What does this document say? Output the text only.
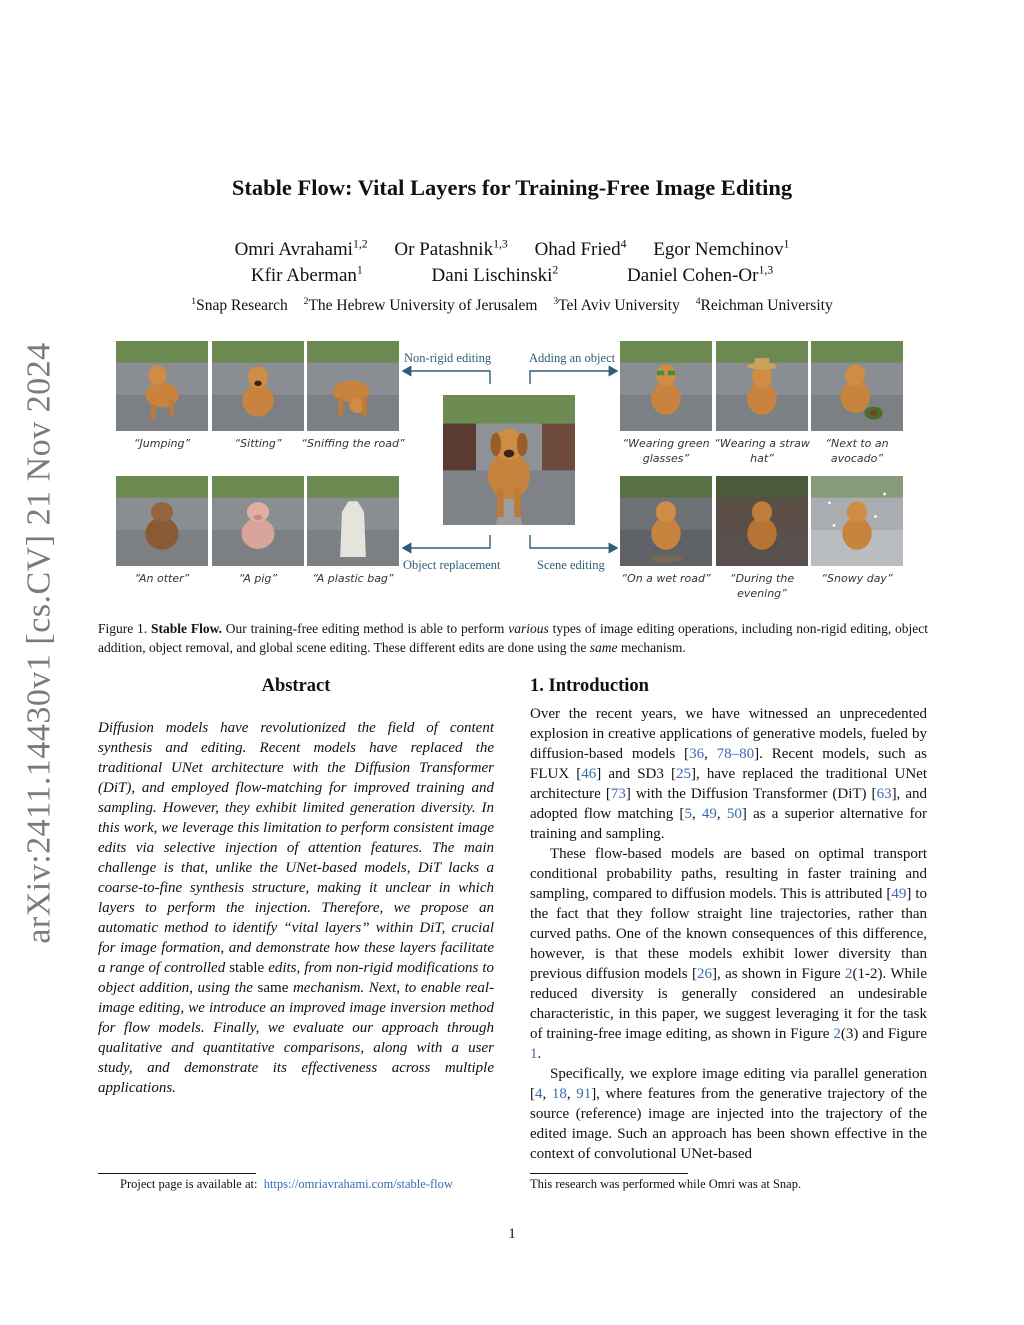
arXiv:2411.14430v1 [cs.CV] 21 Nov 2024
Stable Flow: Vital Layers for Training-Free Image Editing
Omri Avrahami$^{1,2}$ Or Patashnik$^{1,3}$ Ohad Fried$^4$ Egor Nemchinov$^1$
Kfir Aberman$^1$	Dani Lischinski$^2$	Daniel Cohen-Or$^{1,3}$
$^1$Snap Research $^2$The Hebrew University of Jerusalem $^3$Tel Aviv University $^4$Reichman University
Non-rigid editing	Adding an object
Object replacement	Scene editing
“Jumping”	“Sitting”	“Sniffing the road”	“Wearing green glasses”
“Wearing a straw hat”
“Next to an avocado”
“An otter”	“A pig”	“A plastic bag”	“On a wet road”	“During the evening”
“Snowy day”
Figure 1. Stable Flow. Our training-free editing method is able to perform various types of image editing operations, including non-rigid editing, object addition, object removal, and global scene editing. These different edits are done using the same mechanism.
Abstract
Diffusion models have revolutionized the field of content synthesis and editing. Recent models have replaced the traditional UNet architecture with the Diffusion Transformer (DiT), and employed flow-matching for improved training and sampling. However, they exhibit limited generation diversity. In this work, we leverage this limitation to perform consistent image edits via selective injection of attention features. The main challenge is that, unlike the UNet-based models, DiT lacks a coarse-to-fine synthesis structure, making it unclear in which layers to perform the injection. Therefore, we propose an automatic method to identify “vital layers” within DiT, crucial for image formation, and demonstrate how these layers facilitate a range of controlled stable edits, from non-rigid modifications to object addition, using the same mechanism. Next, to enable real-image editing, we introduce an improved image inversion method for flow models. Finally, we evaluate our approach through qualitative and quantitative comparisons, along with a user study, and demonstrate its effectiveness across multiple applications.
1. Introduction
Over the recent years, we have witnessed an unprecedented explosion in creative applications of generative models, fueled by diffusion-based models [36, 78–80]. Recent models, such as FLUX [46] and SD3 [25], have replaced the traditional UNet architecture [73] with the Diffusion Transformer (DiT) [63], and adopted flow matching [5, 49, 50] as a superior alternative for training and sampling.
These flow-based models are based on optimal transport conditional probability paths, resulting in faster training and sampling, compared to diffusion models. This is attributed [49] to the fact that they follow straight line trajectories, rather than curved paths. One of the known consequences of this difference, however, is that these models exhibit lower diversity than previous diffusion models [26], as shown in Figure 2(1-2). While reduced diversity is generally considered an undesirable characteristic, in this paper, we suggest leveraging it for the task of training-free image editing, as shown in Figure 2(3) and Figure 1.
Specifically, we explore image editing via parallel generation [4, 18, 91], where features from the generative trajectory of the source (reference) image are injected into the trajectory of the edited image. Such an approach has been shown effective in the context of convolutional UNet-based
Project page is available at: https://omriavrahami.com/stable-flow	This research was performed while Omri was at Snap.
1
